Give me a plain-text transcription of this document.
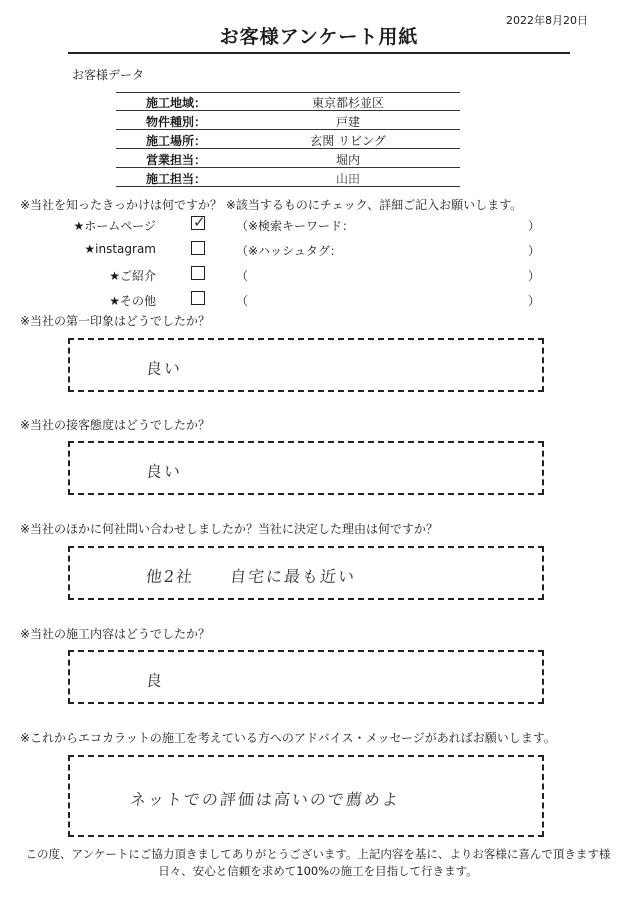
2022年8月20日
お客様アンケート用紙
お客様データ
施工地域：	東京都杉並区
物件種別：	戸建
施工場所：	玄関 リビング
営業担当：	堀内
施工担当：	山田
※当社を知ったきっかけは何ですか？ ※該当するものにチェック、詳細ご記入お願いします。
★ホームページ ✓	（※検索キーワード：	）
★instagram	（※ハッシュタグ：	）
★ご紹介	（	）
★その他	（	）
※当社の第一印象はどうでしたか？
良い
※当社の接客態度はどうでしたか？
良い
※当社のほかに何社問い合わせしましたか？当社に決定した理由は何ですか？
他2社　　自宅に最も近い
※当社の施工内容はどうでしたか？
良
※これからエコカラットの施工を考えている方へのアドバイス・メッセージがあればお願いします。
ネットでの評価は高いので薦めよ
この度、アンケートにご協力頂きましてありがとうございます。上記内容を基に、よりお客様に喜んで頂きます様
日々、安心と信頼を求めて100%の施工を目指して行きます。
